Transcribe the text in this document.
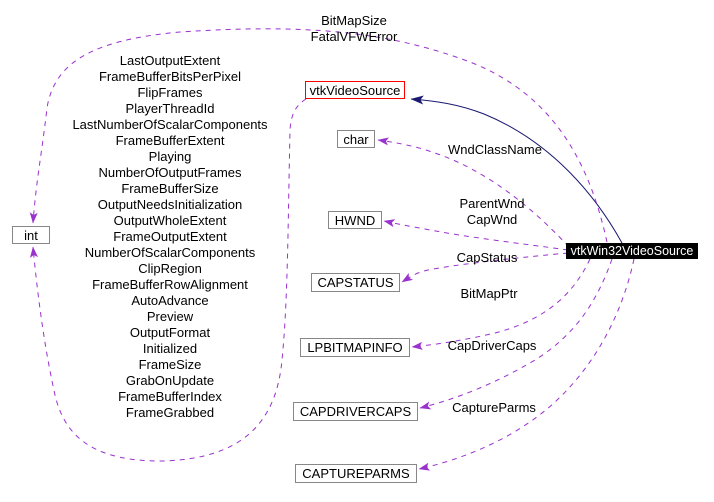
BitMapSize
FatalVFWError
LastOutputExtent
FrameBufferBitsPerPixel
FlipFrames
PlayerThreadId
LastNumberOfScalarComponents
FrameBufferExtent
Playing
NumberOfOutputFrames
FrameBufferSize
OutputNeedsInitialization
OutputWholeExtent
FrameOutputExtent
NumberOfScalarComponents
ClipRegion
FrameBufferRowAlignment
AutoAdvance
Preview
OutputFormat
Initialized
FrameSize
GrabOnUpdate
FrameBufferIndex
FrameGrabbed
WndClassName
ParentWnd
CapWnd
CapStatus
BitMapPtr
CapDriverCaps
CaptureParms
int
vtkVideoSource
char
HWND
CAPSTATUS
LPBITMAPINFO
CAPDRIVERCAPS
CAPTUREPARMS
vtkWin32VideoSource
